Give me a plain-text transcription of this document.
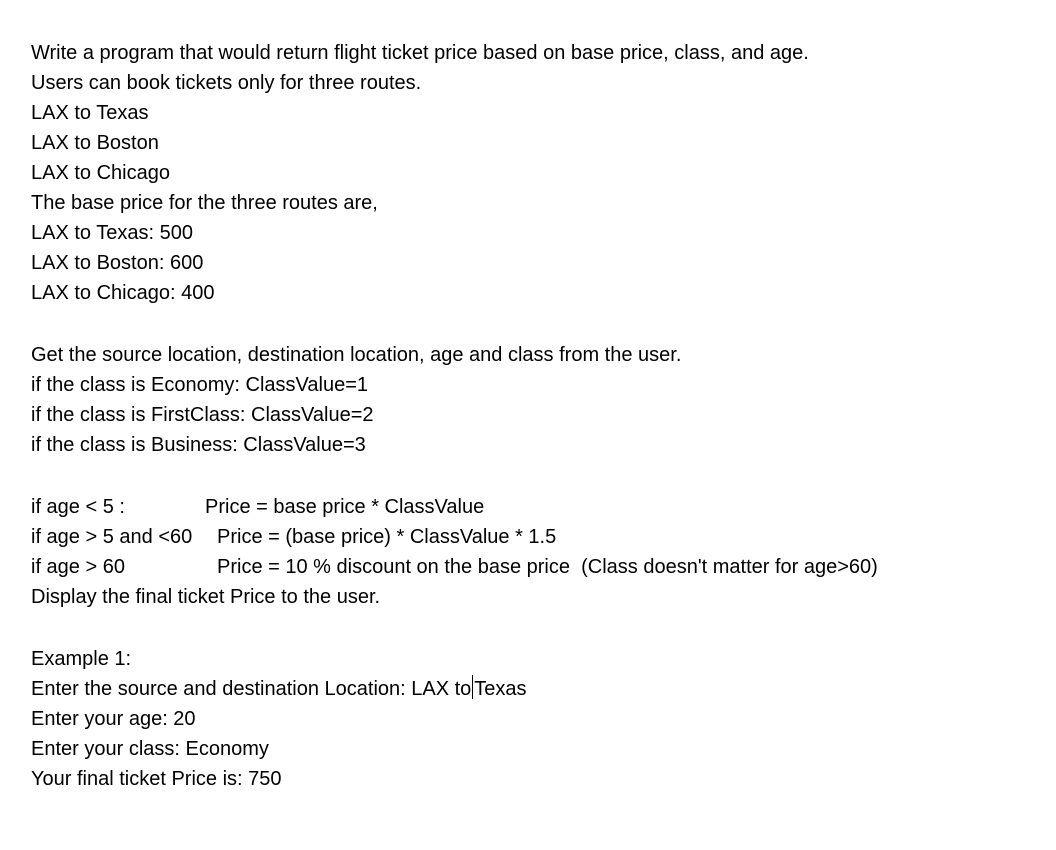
Write a program that would return flight ticket price based on base price, class, and age.

Users can book tickets only for three routes.

LAX to Texas

LAX to Boston

LAX to Chicago

The base price for the three routes are,

LAX to Texas: 500

LAX to Boston: 600

LAX to Chicago: 400

Get the source location, destination location, age and class from the user.

if the class is Economy: ClassValue=1

if the class is FirstClass: ClassValue=2

if the class is Business: ClassValue=3

if age < 5 :

	Price = base price * ClassValue

if age > 5 and <60

Price = (base price) * ClassValue * 1.5

if age > 60

	Price = 10 % discount on the base price  (Class doesn't matter for age>60)

Display the final ticket Price to the user.

Example 1:

Enter the source and destination Location: LAX to Texas

Enter your age: 20

Enter your class: Economy

Your final ticket Price is: 750
